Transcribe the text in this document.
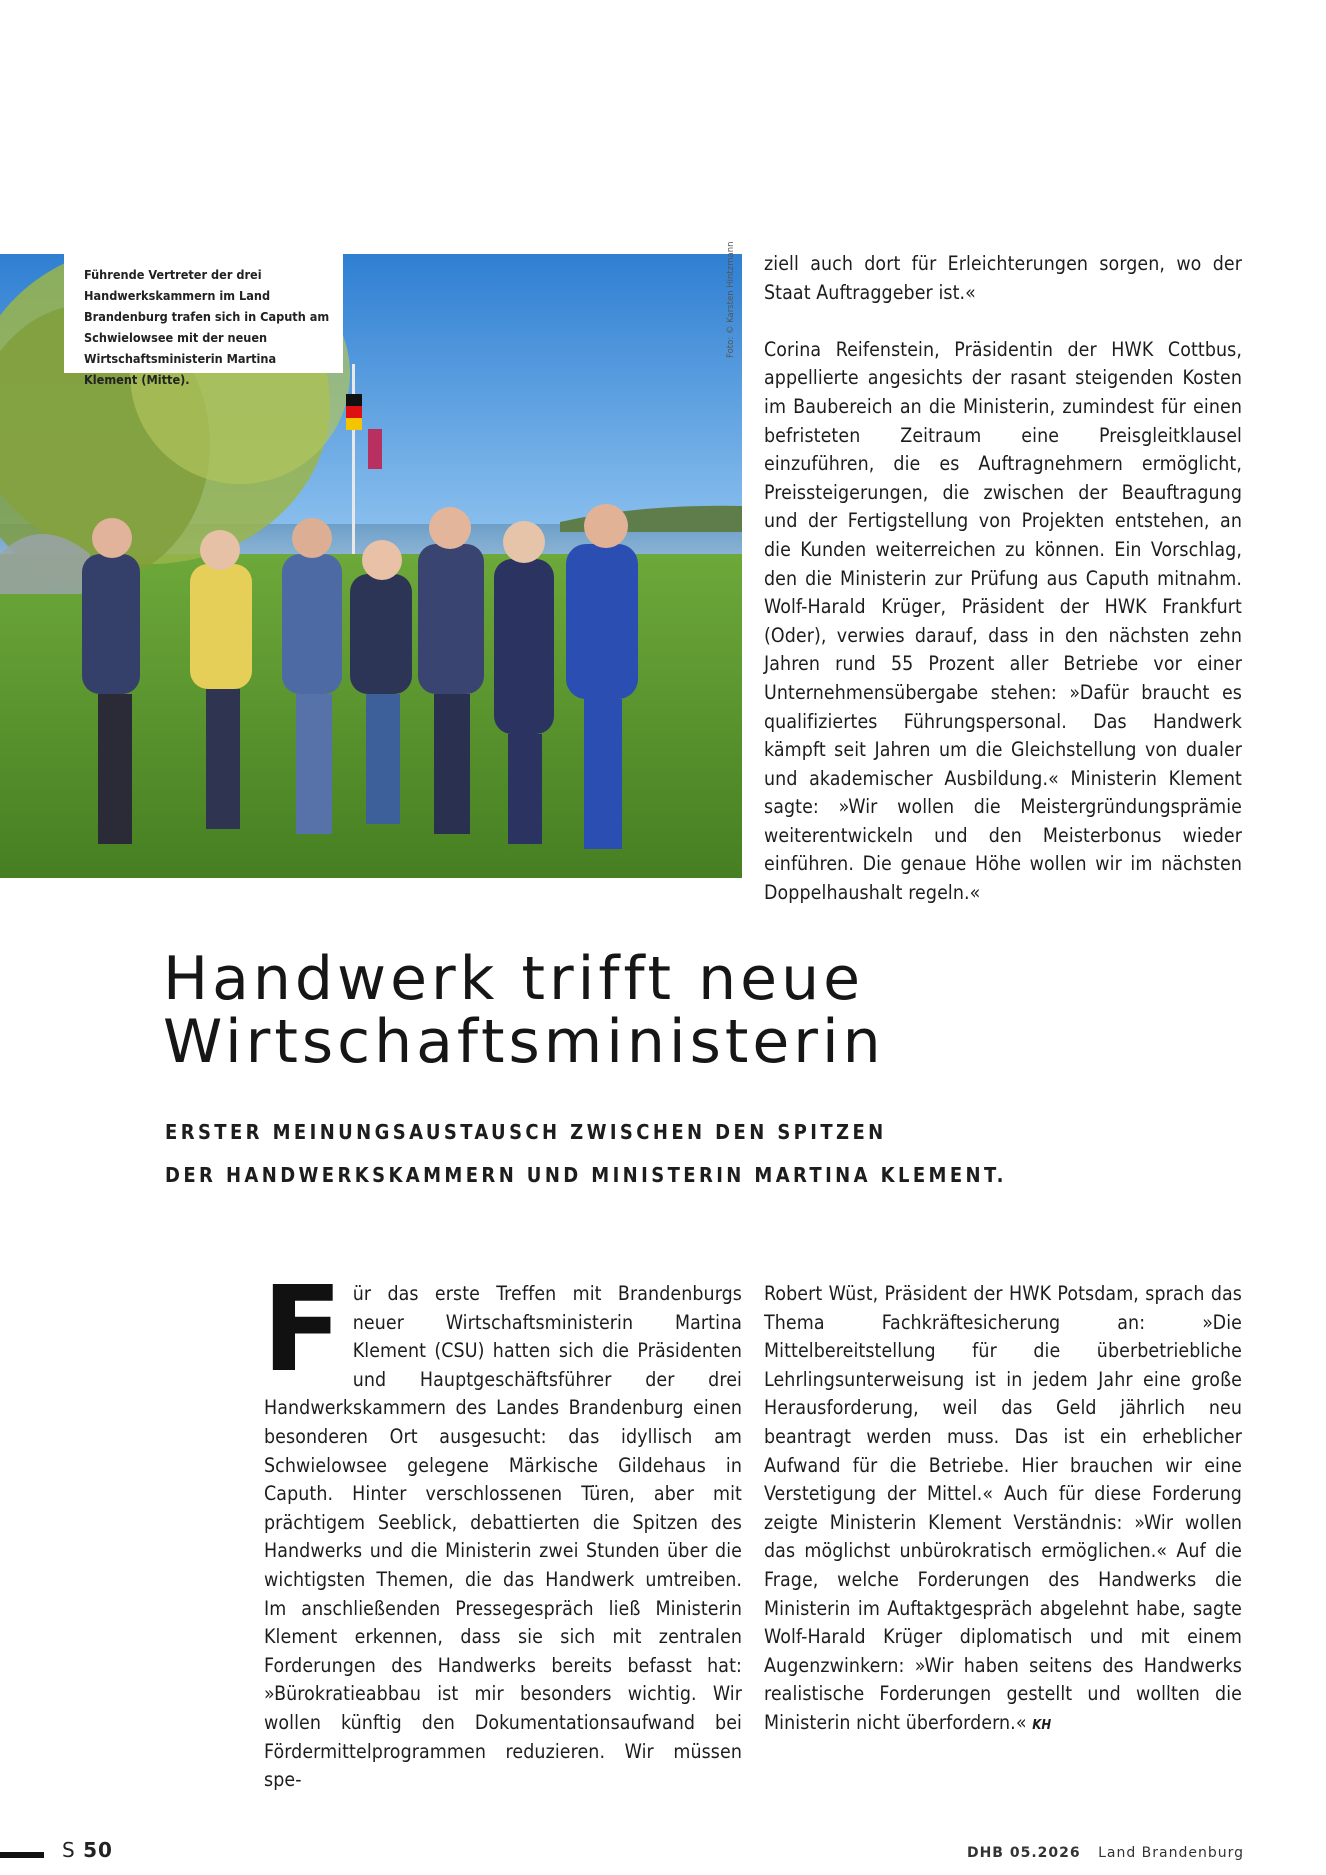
Führende Vertreter der drei Handwerkskammern im Land Brandenburg trafen sich in Caputh am Schwielowsee mit der neuen Wirtschaftsministerin Martina Klement (Mitte).
Foto: © Karsten Hintzmann ziell auch dort für Erleichterungen sorgen, wo der Staat Auftraggeber ist.«

Corina Reifenstein, Präsidentin der HWK Cottbus, appellierte angesichts der rasant steigenden Kosten im Baubereich an die Ministerin, zumindest für einen befristeten Zeitraum eine Preisgleitklausel einzuführen, die es Auftragnehmern ermöglicht, Preissteigerungen, die zwischen der Beauftragung und der Fertigstellung von Projekten entstehen, an die Kunden weiterreichen zu können. Ein Vorschlag, den die Ministerin zur Prüfung aus Caputh mitnahm. Wolf-Harald Krüger, Präsident der HWK Frankfurt (Oder), verwies darauf, dass in den nächsten zehn Jahren rund 55 Prozent aller Betriebe vor einer Unternehmensübergabe stehen: »Dafür braucht es qualifiziertes Führungspersonal. Das Handwerk kämpft seit Jahren um die Gleichstellung von dualer und akademischer Ausbildung.« Ministerin Klement sagte: »Wir wollen die Meistergründungsprämie weiterentwickeln und den Meisterbonus wieder einführen. Die genaue Höhe wollen wir im nächsten Doppelhaushalt regeln.«

Handwerk trifft neue
Wirtschaftsministerin
ERSTER MEINUNGSAUSTAUSCH ZWISCHEN DEN SPITZEN
DER HANDWERKSKAMMERN UND MINISTERIN MARTINA KLEMENT.
F ür das erste Treffen mit Brandenburgs neuer Wirtschaftsministerin Martina Klement (CSU) hatten sich die Präsidenten und Hauptgeschäftsführer der drei Handwerkskammern des Landes Brandenburg einen besonderen Ort ausgesucht: das idyllisch am Schwielowsee gelegene Märkische Gildehaus in Caputh. Hinter verschlossenen Türen, aber mit prächtigem Seeblick, debattierten die Spitzen des Handwerks und die Ministerin zwei Stunden über die wichtigsten Themen, die das Handwerk umtreiben. Im anschließenden Pressegespräch ließ Ministerin Klement erkennen, dass sie sich mit zentralen Forderungen des Handwerks bereits befasst hat: »Bürokratieabbau ist mir besonders wichtig. Wir wollen künftig den Dokumentationsaufwand bei Fördermittelprogrammen reduzieren. Wir müssen spe-

Robert Wüst, Präsident der HWK Potsdam, sprach das Thema Fachkräftesicherung an: »Die Mittelbereitstellung für die überbetriebliche Lehrlingsunterweisung ist in jedem Jahr eine große Herausforderung, weil das Geld jährlich neu beantragt werden muss. Das ist ein erheblicher Aufwand für die Betriebe. Hier brauchen wir eine Verstetigung der Mittel.« Auch für diese Forderung zeigte Ministerin Klement Verständnis: »Wir wollen das möglichst unbürokratisch ermöglichen.« Auf die Frage, welche Forderungen des Handwerks die Ministerin im Auftaktgespräch abgelehnt habe, sagte Wolf-Harald Krüger diplomatisch und mit einem Augenzwinkern: »Wir haben seitens des Handwerks realistische Forderungen gestellt und wollten die Ministerin nicht überfordern.« KH

S 50	DHB 05.2026 Land Brandenburg
